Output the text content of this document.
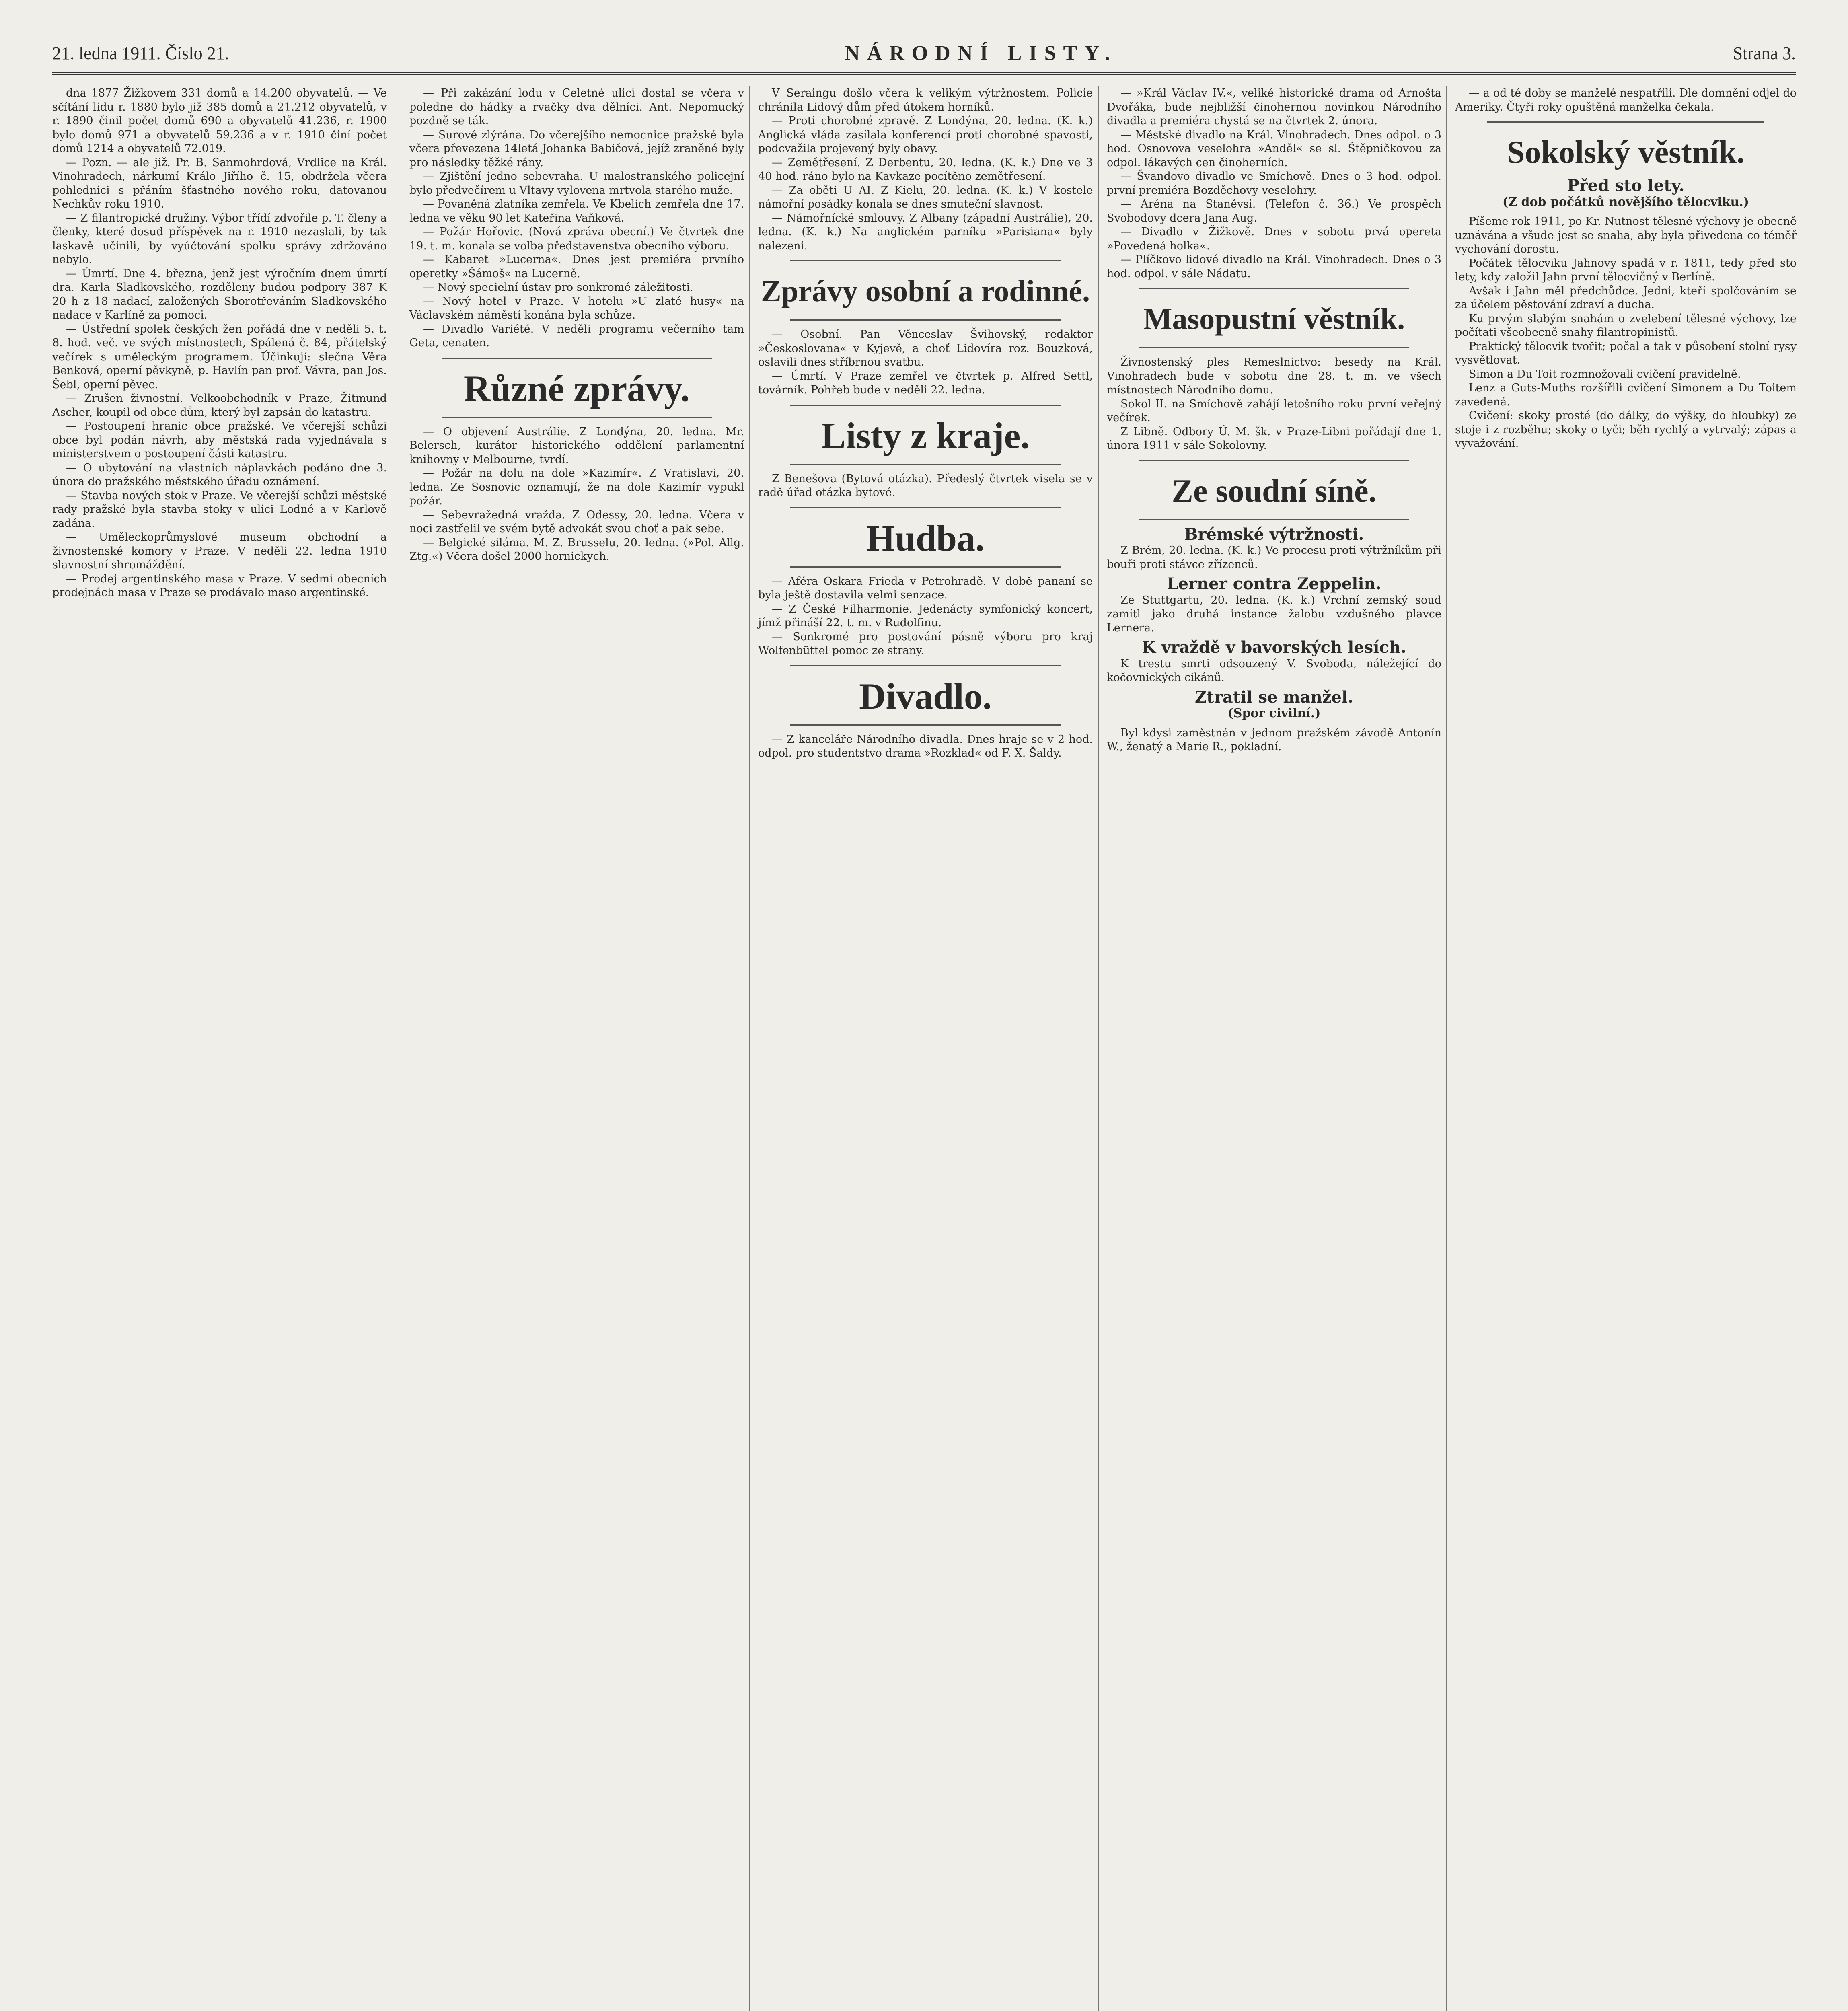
21. ledna 1911. Číslo 21.	NÁRODNÍ LISTY.	Strana 3.

dna 1877 Žižkovem 331 domů a 14.200 obyvatelů. — Ve sčítání lidu r. 1880 bylo již 385 domů a 21.212 obyvatelů, v r. 1890 činil počet domů 690 a obyvatelů 41.236, r. 1900 bylo domů 971 a obyvatelů 59.236 a v r. 1910 činí počet domů 1214 a obyvatelů 72.019.

— Pozn. — ale již. Pr. B. Sanmohrdová, Vrdlice na Král. Vinohradech, nárkumí Králo Jiřího č. 15, obdržela včera pohlednici s přáním šťastného nového roku, datovanou Nechkův roku 1910.

— Z filantropické družiny. Výbor třídí zdvořile p. T. členy a členky, které dosud příspěvek na r. 1910 nezaslali, by tak laskavě učinili, by vyúčtování spolku správy zdržováno nebylo.

— Úmrtí. Dne 4. března, jenž jest výročním dnem úmrtí dra. Karla Sladkovského, rozděleny budou podpory 387 K 20 h z 18 nadací, založených Sborotřeváním Sladkovského nadace v Karlíně za pomoci.

— Ústřední spolek českých žen pořádá dne v neděli 5. t. 8. hod. več. ve svých místnostech, Spálená č. 84, přátelský večírek s uměleckým programem. Účinkují: slečna Věra Benková, operní pěvkyně, p. Havlín pan prof. Vávra, pan Jos. Šebl, operní pěvec.

— Zrušen živnostní. Velkoobchodník v Praze, Žitmund Ascher, koupil od obce dům, který byl zapsán do katastru.

— Postoupení hranic obce pražské. Ve včerejší schůzi obce byl podán návrh, aby městská rada vyjednávala s ministerstvem o postoupení části katastru.

— O ubytování na vlastních náplavkách podáno dne 3. února do pražského městského úřadu oznámení.

— Stavba nových stok v Praze. Ve včerejší schůzi městské rady pražské byla stavba stoky v ulici Lodné a v Karlově zadána.

— Uměleckoprůmyslové museum obchodní a živnostenské komory v Praze. V neděli 22. ledna 1910 slavnostní shromáždění.

— Prodej argentinského masa v Praze. V sedmi obecních prodejnách masa v Praze se prodávalo maso argentinské.

— Při zakázání lodu v Celetné ulici dostal se včera v poledne do hádky a rvačky dva dělníci. Ant. Nepomucký pozdně se ták.

— Surové zlýrána. Do včerejšího nemocnice pražské byla včera převezena 14letá Johanka Babičová, jejíž zraněné byly pro následky těžké rány.

— Zjištění jedno sebevraha. U malostranského policejní bylo předvečírem u Vltavy vylovena mrtvola starého muže.

— Povaněná zlatníka zemřela. Ve Kbelích zemřela dne 17. ledna ve věku 90 let Kateřina Vaňková.

— Požár Hořovic. (Nová zpráva obecní.) Ve čtvrtek dne 19. t. m. konala se volba představenstva obecního výboru.

— Kabaret »Lucerna«. Dnes jest premiéra prvního operetky »Šámoš« na Lucerně.

— Nový specielní ústav pro sonkromé záležitosti.

— Nový hotel v Praze. V hotelu »U zlaté husy« na Václavském náměstí konána byla schůze.

— Divadlo Variété. V neděli programu večerního tam Geta, cenaten.

Různé zprávy.

— O objevení Austrálie. Z Londýna, 20. ledna. Mr. Belersch, kurátor historického oddělení parlamentní knihovny v Melbourne, tvrdí.

— Požár na dolu na dole »Kazimír«. Z Vratislavi, 20. ledna. Ze Sosnovic oznamují, že na dole Kazimír vypukl požár.

— Sebevražedná vražda. Z Odessy, 20. ledna. Včera v noci zastřelil ve svém bytě advokát svou choť a pak sebe.

— Belgické siláma. M. Z. Brusselu, 20. ledna. (»Pol. Allg. Ztg.«) Včera došel 2000 hornickych.

V Seraingu došlo včera k velikým výtržnostem. Policie chránila Lidový dům před útokem horníků.

— Proti chorobné zpravě. Z Londýna, 20. ledna. (K. k.) Anglická vláda zasílala konferencí proti chorobné spavosti, podcvažila projevený byly obavy.

— Zemětřesení. Z Derbentu, 20. ledna. (K. k.) Dne ve 3 40 hod. ráno bylo na Kavkaze pocítěno zemětřesení.

— Za oběti U AI. Z Kielu, 20. ledna. (K. k.) V kostele námořní posádky konala se dnes smuteční slavnost.

— Námořnícké smlouvy. Z Albany (západní Austrálie), 20. ledna. (K. k.) Na anglickém parníku »Parisiana« byly nalezeni.

Zprávy osobní a rodinné.

— Osobní. Pan Věnceslav Švihovský, redaktor »Českoslovana« v Kyjevě, a choť Lidovíra roz. Bouzková, oslavili dnes stříbrnou svatbu.

— Úmrtí. V Praze zemřel ve čtvrtek p. Alfred Settl, továrník. Pohřeb bude v neděli 22. ledna.

Listy z kraje.

Z Benešova (Bytová otázka). Předeslý čtvrtek visela se v radě úřad otázka bytové.

Hudba.

— Aféra Oskara Frieda v Petrohradě. V době pananí se byla ještě dostavila velmi senzace.

— Z České Filharmonie. Jedenácty symfonický koncert, jímž přináší 22. t. m. v Rudolfinu.

— Sonkromé pro postování pásně výboru pro kraj Wolfenbüttel pomoc ze strany.

Divadlo.

— Z kanceláře Národního divadla. Dnes hraje se v 2 hod. odpol. pro studentstvo drama »Rozklad« od F. X. Šaldy.

— »Král Václav IV.«, veliké historické drama od Arnošta Dvořáka, bude nejbližší činohernou novinkou Národního divadla a premiéra chystá se na čtvrtek 2. února.

— Městské divadlo na Král. Vinohradech. Dnes odpol. o 3 hod. Osnovova veselohra »Anděl« se sl. Štěpničkovou za odpol. lákavých cen činoherních.

— Švandovo divadlo ve Smíchově. Dnes o 3 hod. odpol. první premiéra Bozděchovy veselohry.

— Aréna na Staněvsi. (Telefon č. 36.) Ve prospěch Svobodovy dcera Jana Aug.

— Divadlo v Žižkově. Dnes v sobotu prvá opereta »Povedená holka«.

— Plíčkovo lidové divadlo na Král. Vinohradech. Dnes o 3 hod. odpol. v sále Nádatu.

Masopustní věstník.

Živnostenský ples Remeslnictvo: besedy na Král. Vinohradech bude v sobotu dne 28. t. m. ve všech místnostech Národního domu.

Sokol II. na Smíchově zahájí letošního roku první veřejný večírek.

Z Libně. Odbory Ú. M. šk. v Praze-Libni pořádají dne 1. února 1911 v sále Sokolovny.

Ze soudní síně.
Brémské výtržnosti.

Z Brém, 20. ledna. (K. k.) Ve procesu proti výtržníkům při bouři proti stávce zřízenců.

Lerner contra Zeppelin.

Ze Stuttgartu, 20. ledna. (K. k.) Vrchní zemský soud zamítl jako druhá instance žalobu vzdušného plavce Lernera.

K vraždě v bavorských lesích.

K trestu smrti odsouzený V. Svoboda, náležející do kočovnických cikánů.

Ztratil se manžel.
(Spor civilní.)

Byl kdysi zaměstnán v jednom pražském závodě Antonín W., ženatý a Marie R., pokladní.

— a od té doby se manželé nespatřili. Dle domnění odjel do Ameriky. Čtyři roky opuštěná manželka čekala.

Sokolský věstník.
Před sto lety.
(Z dob počátků novějšího tělocviku.)

Píšeme rok 1911, po Kr. Nutnost tělesné výchovy je obecně uznávána a všude jest se snaha, aby byla přivedena co téměř vychování dorostu.

Počátek tělocviku Jahnovy spadá v r. 1811, tedy před sto lety, kdy založil Jahn první tělocvičný v Berlíně.

Avšak i Jahn měl předchůdce. Jedni, kteří spolčováním se za účelem pěstování zdraví a ducha.

Ku prvým slabým snahám o zvelebení tělesné výchovy, lze počítati všeobecně snahy filantropinistů.

Praktický tělocvik tvořit; počal a tak v působení stolní rysy vysvětlovat.

Simon a Du Toit rozmnožovali cvičení pravidelně.

Lenz a Guts-Muths rozšířili cvičení Simonem a Du Toitem zavedená.

Cvičení: skoky prosté (do dálky, do výšky, do hloubky) ze stoje i z rozběhu; skoky o tyči; běh rychlý a vytrvalý; zápas a vyvažování.
